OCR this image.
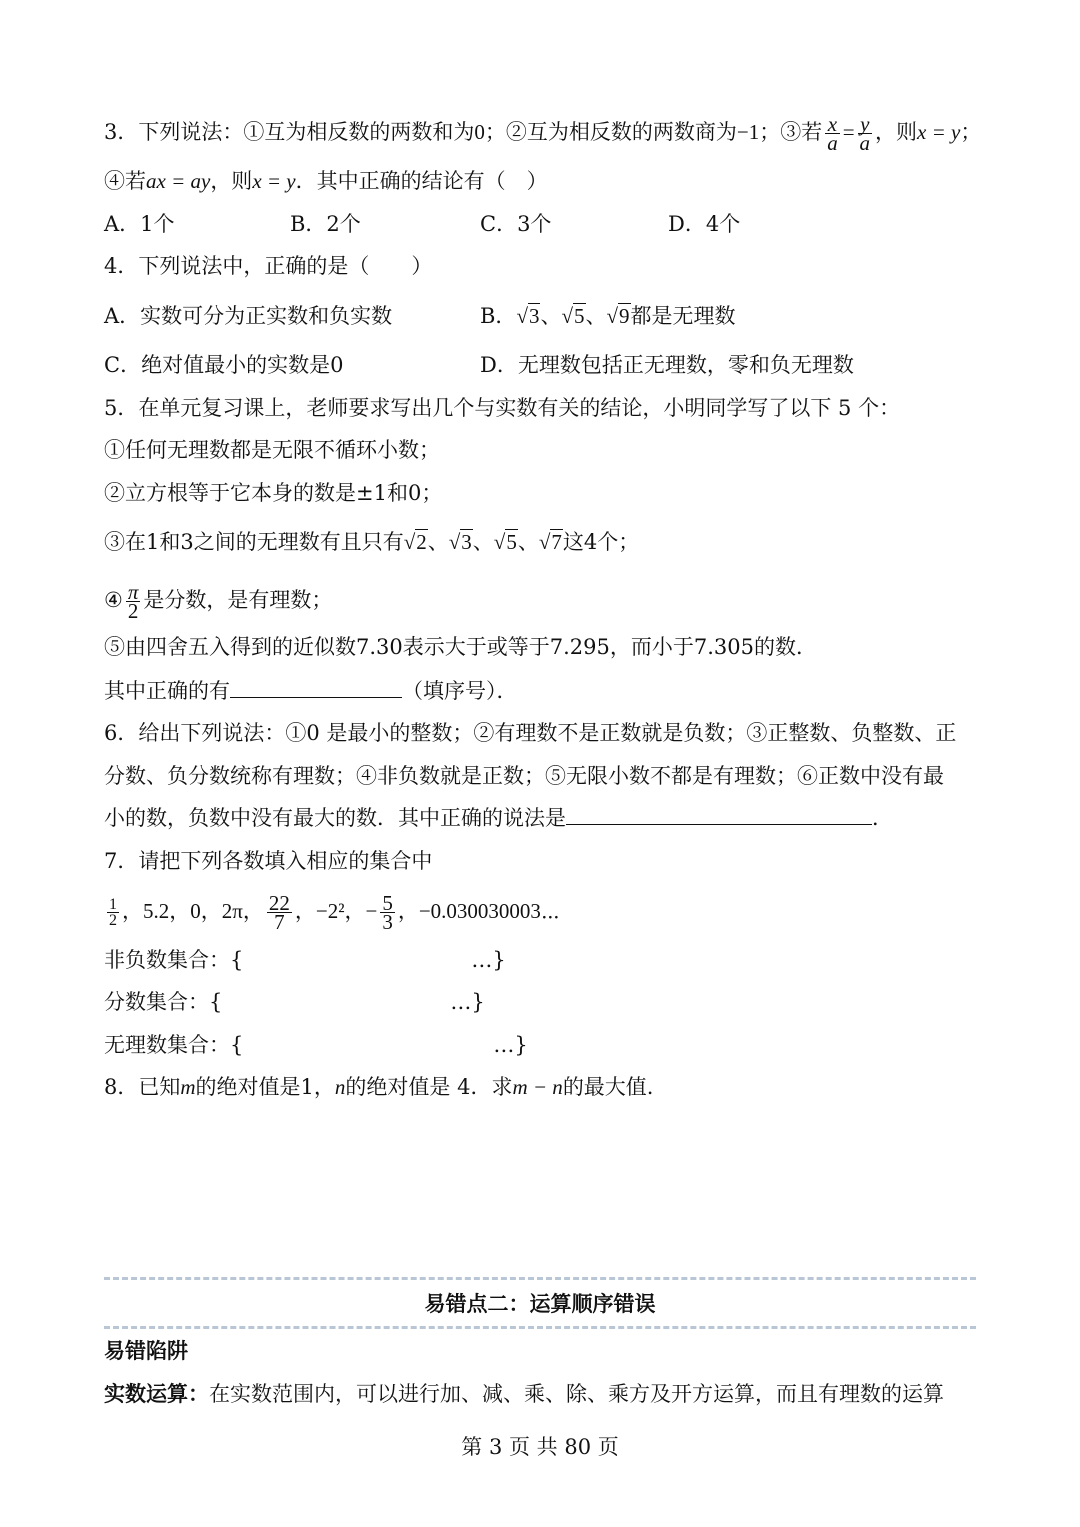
3．下列说法：①互为相反数的两数和为0；②互为相反数的两数商为−1；③若 $\frac{x}{a} = \frac{y}{a}$ ，则x = y；
④若ax = ay，则x = y．其中正确的结论有（　）
A．1个	B．2个	C．3个	D．4个
4．下列说法中，正确的是（　　）
A．实数可分为正实数和负实数	B．√3、√5、√9都是无理数
C．绝对值最小的实数是0	D．无理数包括正无理数，零和负无理数
5．在单元复习课上，老师要求写出几个与实数有关的结论，小明同学写了以下 5 个：
①任何无理数都是无限不循环小数；
②立方根等于它本身的数是±1和0；
③在1和3之间的无理数有且只有√2、√3、√5、√7这4个；
④ $\frac{\pi}{2}$ 是分数，是有理数；
⑤由四舍五入得到的近似数7.30表示大于或等于7.295，而小于7.305的数．
其中正确的有	（填序号）．
6．给出下列说法：①0 是最小的整数；②有理数不是正数就是负数；③正整数、负整数、正
分数、负分数统称有理数；④非负数就是正数；⑤无限小数不都是有理数；⑥正数中没有最
小的数，负数中没有最大的数．其中正确的说法是	．
7．请把下列各数填入相应的集合中
$\frac{1}{2}$ ，5.2，0，2π， $\frac{22}{7}$ ，−2²，− $\frac{5}{3}$ ，−0.030030003⋯
非负数集合：{	…}
分数集合：{	…}
无理数集合：{	…}
8．已知m的绝对值是1，n的绝对值是 4．求m − n的最大值.
易错点二：运算顺序错误
易错陷阱
实数运算：在实数范围内，可以进行加、减、乘、除、乘方及开方运算，而且有理数的运算
第 3 页 共 80 页
